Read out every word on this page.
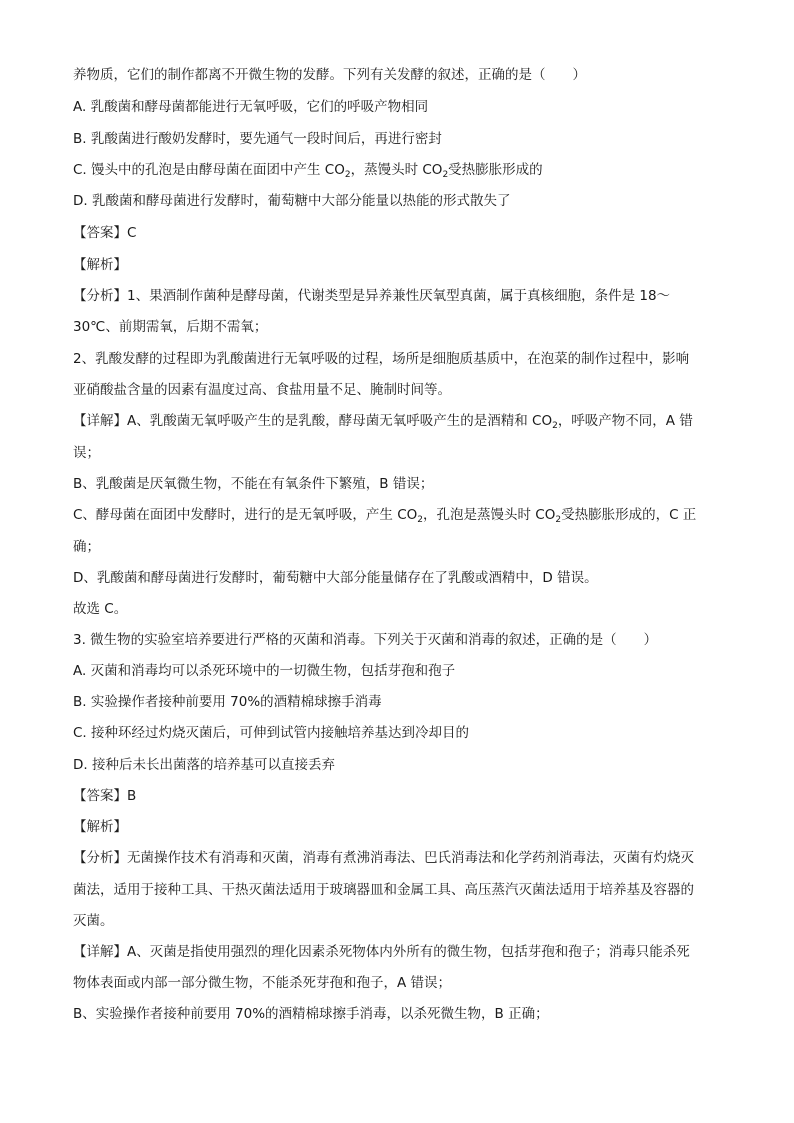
养物质，它们的制作都离不开微生物的发酵。下列有关发酵的叙述，正确的是（　　）
A. 乳酸菌和酵母菌都能进行无氧呼吸，它们的呼吸产物相同
B. 乳酸菌进行酸奶发酵时，要先通气一段时间后，再进行密封
C. 馒头中的孔泡是由酵母菌在面团中产生 $CO_2$，蒸馒头时 $CO_2$受热膨胀形成的
D. 乳酸菌和酵母菌进行发酵时，葡萄糖中大部分能量以热能的形式散失了
【答案】C
【解析】
【分析】1、果酒制作菌种是酵母菌，代谢类型是异养兼性厌氧型真菌，属于真核细胞，条件是 18～
30℃、前期需氧，后期不需氧；
2、乳酸发酵的过程即为乳酸菌进行无氧呼吸的过程，场所是细胞质基质中，在泡菜的制作过程中，影响
亚硝酸盐含量的因素有温度过高、食盐用量不足、腌制时间等。
【详解】A、乳酸菌无氧呼吸产生的是乳酸，酵母菌无氧呼吸产生的是酒精和 $CO_2$，呼吸产物不同，A 错
误；
B、乳酸菌是厌氧微生物，不能在有氧条件下繁殖，B 错误；
C、酵母菌在面团中发酵时，进行的是无氧呼吸，产生 $CO_2$，孔泡是蒸馒头时 $CO_2$受热膨胀形成的，C 正
确；
D、乳酸菌和酵母菌进行发酵时，葡萄糖中大部分能量储存在了乳酸或酒精中，D 错误。
故选 C。
3. 微生物的实验室培养要进行严格的灭菌和消毒。下列关于灭菌和消毒的叙述，正确的是（　　）
A. 灭菌和消毒均可以杀死环境中的一切微生物，包括芽孢和孢子
B. 实验操作者接种前要用 70%的酒精棉球擦手消毒
C. 接种环经过灼烧灭菌后，可伸到试管内接触培养基达到冷却目的
D. 接种后未长出菌落的培养基可以直接丢弃
【答案】B
【解析】
【分析】无菌操作技术有消毒和灭菌，消毒有煮沸消毒法、巴氏消毒法和化学药剂消毒法，灭菌有灼烧灭
菌法，适用于接种工具、干热灭菌法适用于玻璃器皿和金属工具、高压蒸汽灭菌法适用于培养基及容器的
灭菌。
【详解】A、灭菌是指使用强烈的理化因素杀死物体内外所有的微生物，包括芽孢和孢子；消毒只能杀死
物体表面或内部一部分微生物，不能杀死芽孢和孢子，A 错误；
B、实验操作者接种前要用 70%的酒精棉球擦手消毒，以杀死微生物，B 正确；
